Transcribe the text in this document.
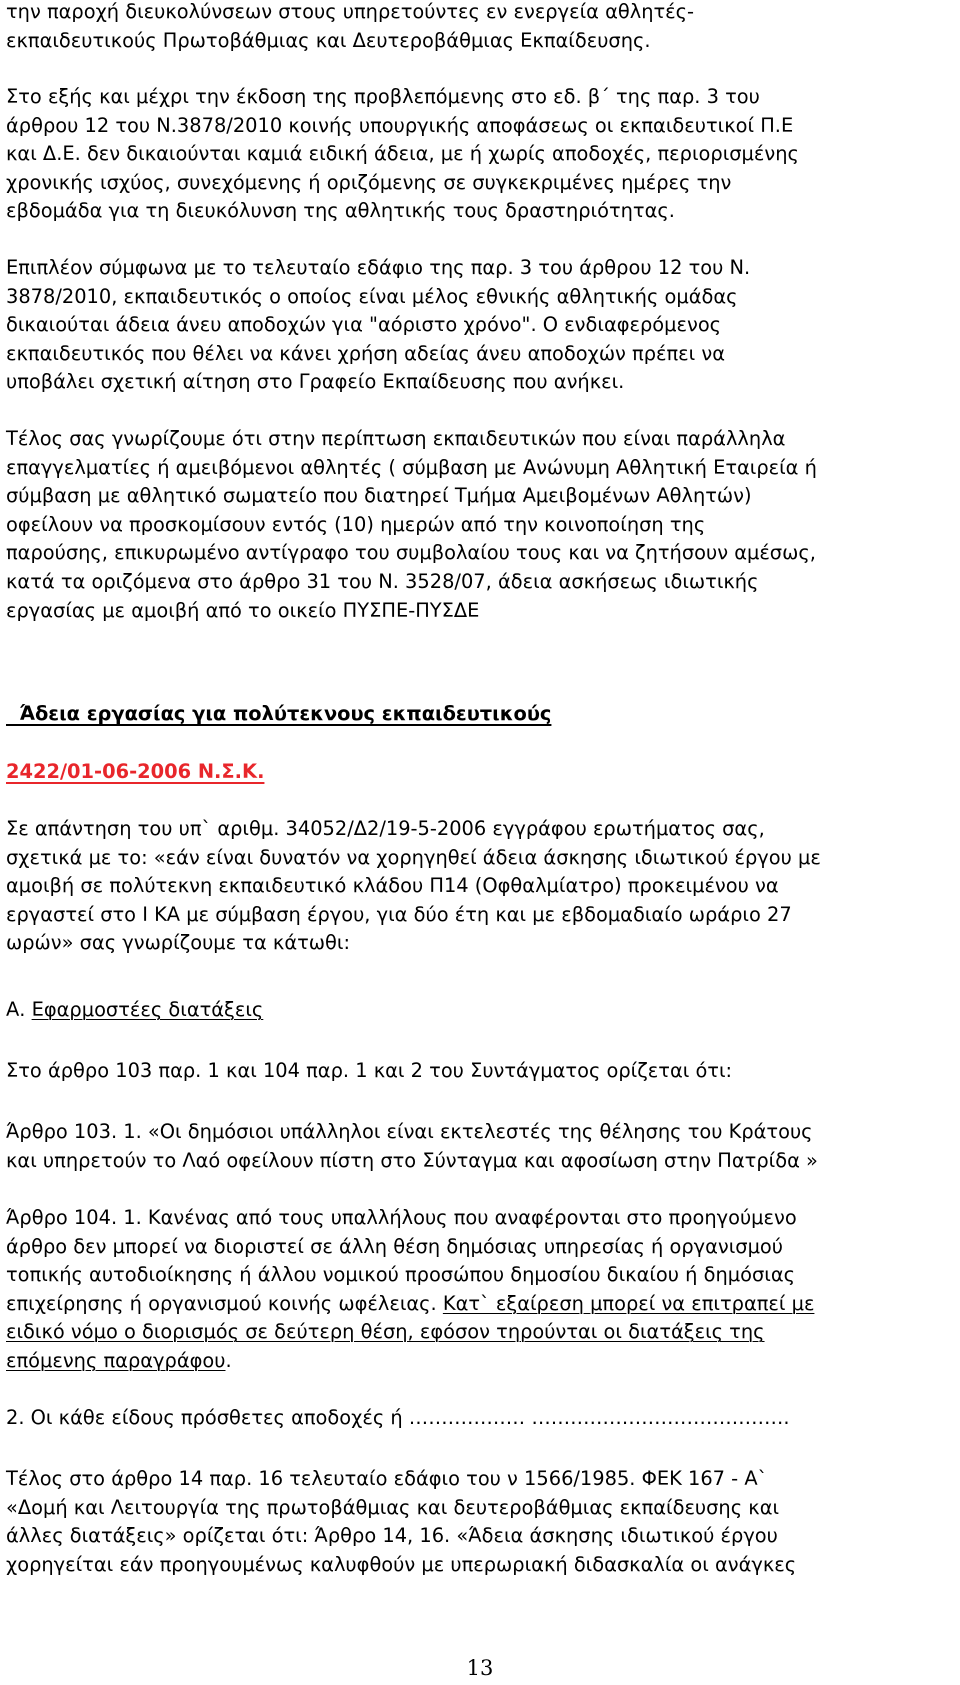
την παροχή διευκολύνσεων στους υπηρετούντες εν ενεργεία αθλητές-
εκπαιδευτικούς Πρωτοβάθμιας και Δευτεροβάθμιας Εκπαίδευσης.
Στο εξής και μέχρι την έκδοση της προβλεπόμενης στο εδ. β΄ της παρ. 3 του
άρθρου 12 του Ν.3878/2010 κοινής υπουργικής αποφάσεως οι εκπαιδευτικοί Π.Ε
και Δ.Ε. δεν δικαιούνται καμιά ειδική άδεια, με ή χωρίς αποδοχές, περιορισμένης
χρονικής ισχύος, συνεχόμενης ή οριζόμενης σε συγκεκριμένες ημέρες την
εβδομάδα για τη διευκόλυνση της αθλητικής τους δραστηριότητας.
Επιπλέον σύμφωνα με το τελευταίο εδάφιο της παρ. 3 του άρθρου 12 του Ν.
3878/2010, εκπαιδευτικός ο οποίος είναι μέλος εθνικής αθλητικής ομάδας
δικαιούται άδεια άνευ αποδοχών για "αόριστο χρόνο". Ο ενδιαφερόμενος
εκπαιδευτικός που θέλει να κάνει χρήση αδείας άνευ αποδοχών πρέπει να
υποβάλει σχετική αίτηση στο Γραφείο Εκπαίδευσης που ανήκει.
Τέλος σας γνωρίζουμε ότι στην περίπτωση εκπαιδευτικών που είναι παράλληλα
επαγγελματίες ή αμειβόμενοι αθλητές ( σύμβαση με Ανώνυμη Αθλητική Εταιρεία ή
σύμβαση με αθλητικό σωματείο που διατηρεί Τμήμα Αμειβομένων Αθλητών)
οφείλουν να προσκομίσουν εντός (10) ημερών από την κοινοποίηση της
παρούσης, επικυρωμένο αντίγραφο του συμβολαίου τους και να ζητήσουν αμέσως,
κατά τα οριζόμενα στο άρθρο 31 του Ν. 3528/07, άδεια ασκήσεως ιδιωτικής
εργασίας με αμοιβή από το οικείο ΠΥΣΠΕ-ΠΥΣΔΕ
Άδεια εργασίας για πολύτεκνους εκπαιδευτικούς
2422/01-06-2006 Ν.Σ.Κ.
Σε απάντηση του υπ` αριθμ. 34052/Δ2/19-5-2006 εγγράφου ερωτήματος σας,
σχετικά με το: «εάν είναι δυνατόν να χορηγηθεί άδεια άσκησης ιδιωτικού έργου με
αμοιβή σε πολύτεκνη εκπαιδευτικό κλάδου Π14 (Οφθαλμίατρο) προκειμένου να
εργαστεί στο Ι ΚΑ με σύμβαση έργου, για δύο έτη και με εβδομαδιαίο ωράριο 27
ωρών» σας γνωρίζουμε τα κάτωθι:
Α. Εφαρμοστέες διατάξεις
Στο άρθρο 103 παρ. 1 και 104 παρ. 1 και 2 του Συντάγματος ορίζεται ότι:
Άρθρο 103. 1. «Οι δημόσιοι υπάλληλοι είναι εκτελεστές της θέλησης του Κράτους
και υπηρετούν το Λαό οφείλουν πίστη στο Σύνταγμα και αφοσίωση στην Πατρίδα »
Άρθρο 104. 1. Κανένας από τους υπαλλήλους που αναφέρονται στο προηγούμενο
άρθρο δεν μπορεί να διοριστεί σε άλλη θέση δημόσιας υπηρεσίας ή οργανισμού
τοπικής αυτοδιοίκησης ή άλλου νομικού προσώπου δημοσίου δικαίου ή δημόσιας
επιχείρησης ή οργανισμού κοινής ωφέλειας. Κατ` εξαίρεση μπορεί να επιτραπεί με
ειδικό νόμο ο διορισμός σε δεύτερη θέση, εφόσον τηρούνται οι διατάξεις της
επόμενης παραγράφου.
2. Οι κάθε είδους πρόσθετες αποδοχές ή ……………… ………………………………….
Τέλος στο άρθρο 14 παρ. 16 τελευταίο εδάφιο του ν 1566/1985. ΦΕΚ 167 - Α`
«Δομή και Λειτουργία της πρωτοβάθμιας και δευτεροβάθμιας εκπαίδευσης και
άλλες διατάξεις» ορίζεται ότι: Άρθρο 14, 16. «Άδεια άσκησης ιδιωτικού έργου
χορηγείται εάν προηγουμένως καλυφθούν με υπερωριακή διδασκαλία οι ανάγκες
13
